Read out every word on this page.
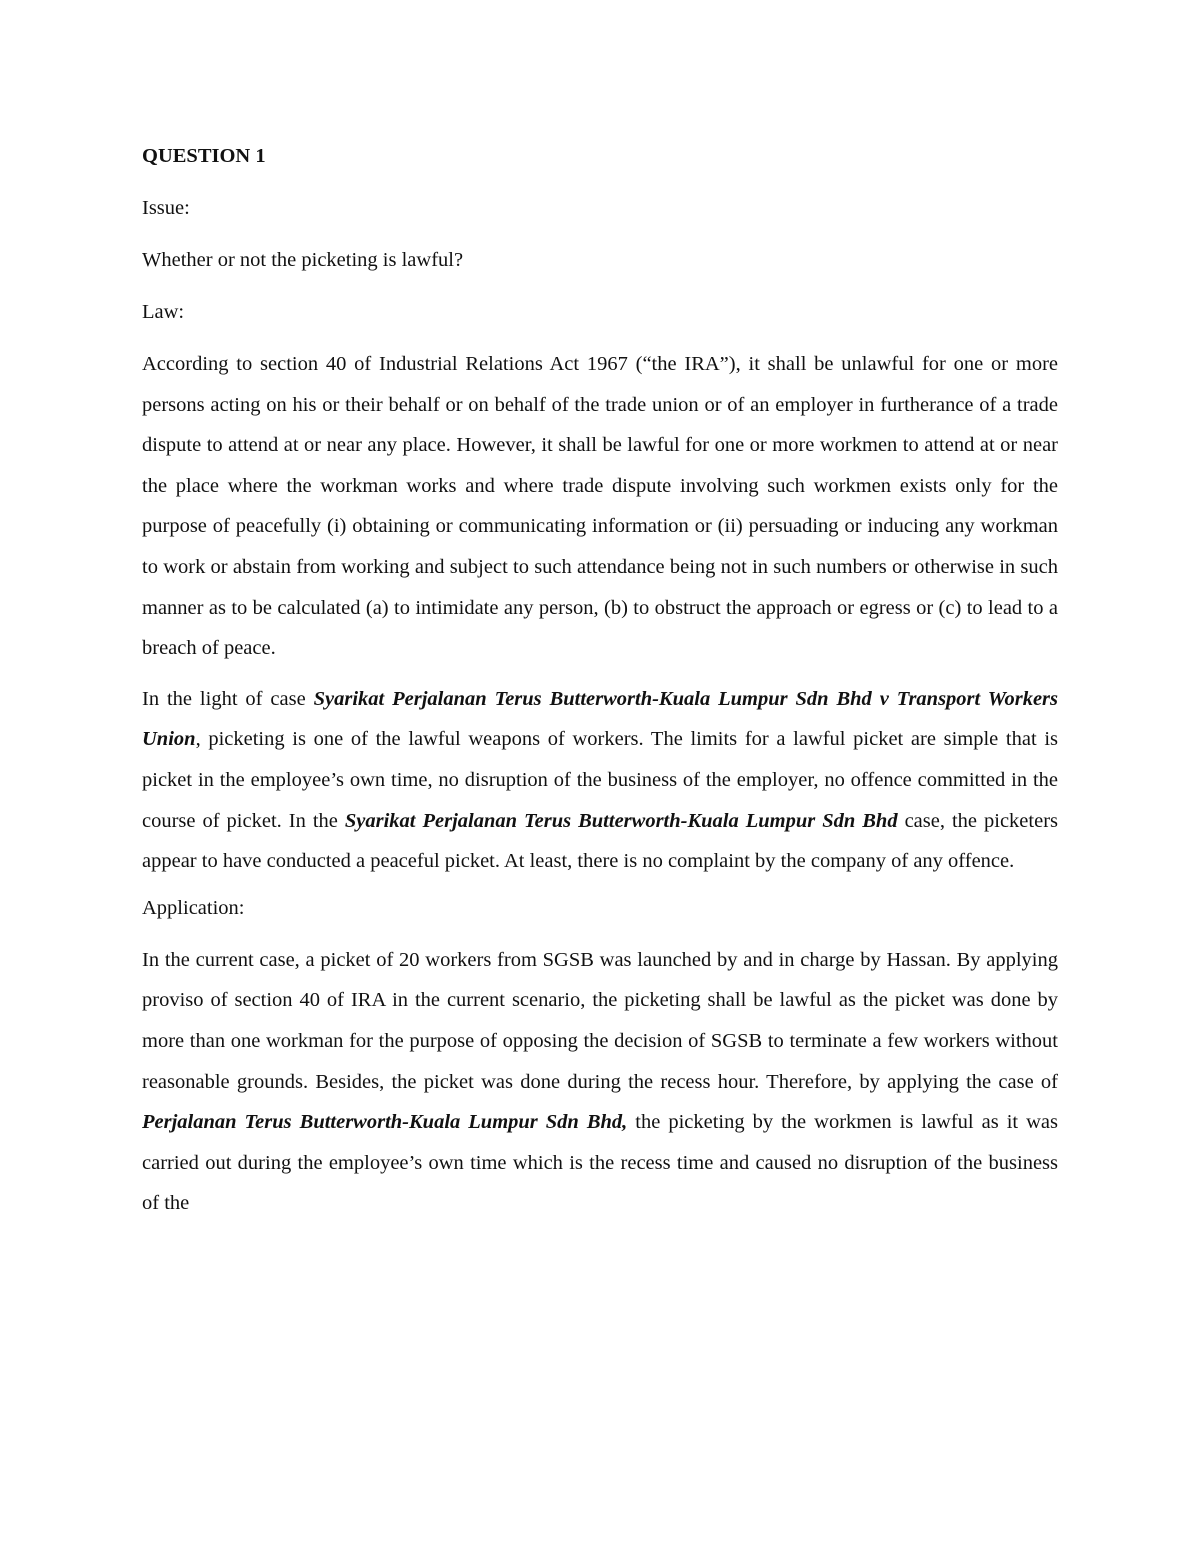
QUESTION 1
Issue:
Whether or not the picketing is lawful?
Law:
According to section 40 of Industrial Relations Act 1967 (“the IRA”), it shall be unlawful for one or more persons acting on his or their behalf or on behalf of the trade union or of an employer in furtherance of a trade dispute to attend at or near any place. However, it shall be lawful for one or more workmen to attend at or near the place where the workman works and where trade dispute involving such workmen exists only for the purpose of peacefully (i) obtaining or communicating information or (ii) persuading or inducing any workman to work or abstain from working and subject to such attendance being not in such numbers or otherwise in such manner as to be calculated (a) to intimidate any person, (b) to obstruct the approach or egress or (c) to lead to a breach of peace.
In the light of case Syarikat Perjalanan Terus Butterworth-Kuala Lumpur Sdn Bhd v Transport Workers Union, picketing is one of the lawful weapons of workers. The limits for a lawful picket are simple that is picket in the employee’s own time, no disruption of the business of the employer, no offence committed in the course of picket. In the Syarikat Perjalanan Terus Butterworth-Kuala Lumpur Sdn Bhd case, the picketers appear to have conducted a peaceful picket. At least, there is no complaint by the company of any offence.
Application:
In the current case, a picket of 20 workers from SGSB was launched by and in charge by Hassan. By applying proviso of section 40 of IRA in the current scenario, the picketing shall be lawful as the picket was done by more than one workman for the purpose of opposing the decision of SGSB to terminate a few workers without reasonable grounds. Besides, the picket was done during the recess hour. Therefore, by applying the case of Perjalanan Terus Butterworth-Kuala Lumpur Sdn Bhd, the picketing by the workmen is lawful as it was carried out during the employee’s own time which is the recess time and caused no disruption of the business of the
